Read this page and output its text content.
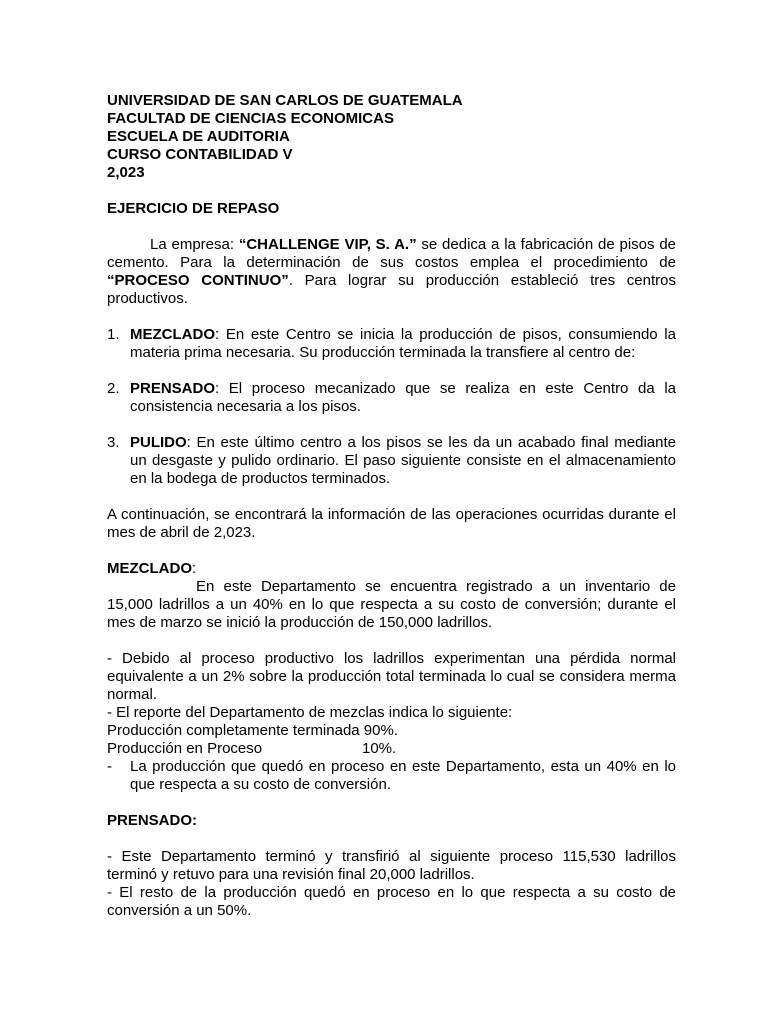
UNIVERSIDAD DE SAN CARLOS DE GUATEMALA
FACULTAD DE CIENCIAS ECONOMICAS
ESCUELA DE AUDITORIA
CURSO CONTABILIDAD V
2,023

EJERCICIO DE REPASO

La empresa: “CHALLENGE VIP, S. A.” se dedica a la fabricación de pisos de cemento. Para la determinación de sus costos emplea el procedimiento de “PROCESO CONTINUO”. Para lograr su producción estableció tres centros productivos.

1. MEZCLADO: En este Centro se inicia la producción de pisos, consumiendo la materia prima necesaria. Su producción terminada la transfiere al centro de:
2. PRENSADO: El proceso mecanizado que se realiza en este Centro da la consistencia necesaria a los pisos.
3. PULIDO: En este último centro a los pisos se les da un acabado final mediante un desgaste y pulido ordinario. El paso siguiente consiste en el almacenamiento en la bodega de productos terminados.

A continuación, se encontrará la información de las operaciones ocurridas durante el mes de abril de 2,023.

MEZCLADO:

En este Departamento se encuentra registrado a un inventario de 15,000 ladrillos a un 40% en lo que respecta a su costo de conversión; durante el mes de marzo se inició la producción de 150,000 ladrillos.

- Debido al proceso productivo los ladrillos experimentan una pérdida normal equivalente a un 2% sobre la producción total terminada lo cual se considera merma normal.

- El reporte del Departamento de mezclas indica lo siguiente:

Producción completamente terminada 90%.
Producción en Proceso	10%.
- La producción que quedó en proceso en este Departamento, esta un 40% en lo que respecta a su costo de conversión.

PRENSADO:

- Este Departamento terminó y transfirió al siguiente proceso 115,530 ladrillos terminó y retuvo para una revisión final 20,000 ladrillos.

- El resto de la producción quedó en proceso en lo que respecta a su costo de conversión a un 50%.
